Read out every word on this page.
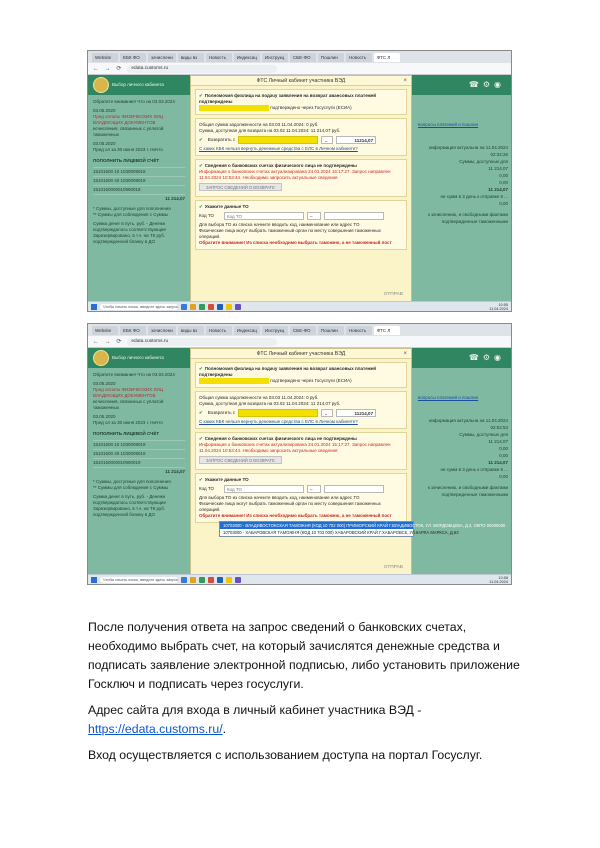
Website	ЕБК ФО	зачислени	виды вз	Новость	Индексац	Инструкц	СБЕ-ФО	Пошлин	Новость	ФТС Л
← → ⟳	edata.customs.ru
Выбор личного кабинета	☎⚙◉
Обратите внимание! Что на 03.03.2024
03.05.2020
Пред оплаты ФИЗИЧЕСКИХ ЛИЦ ВЛАДЕЮЩИХ ДОКУМЕНТОВ
исчисления, связанных с уплатой таможенных
03.05.2020
Пред ол за 30 июня 2023 г. Ничто
ПОПОЛНИТЬ ЛИЦЕВОЙ СЧЁТ
15101500 10 1030009019
15101500 40 1030009019
1510150000010990019
11 214,07
* Суммы, доступные для пополнения
** Суммы для соблюдения с Суммы
Сумма денег в путь. руб. - Денежн
подтверждалось соответствующие
Зарезервировано, в т.ч. на ТК руб.
подтвержденной бланку в ДО
вопросы платежей и пошлин
информация актуальна на 11.04.2024 02:32:26
Суммы, доступные для
11 214,07
0,00
0,00
11 214,07
не сумм в 3 день к отправке 6 ...
0,00
к зачислению, и свободными фактами
подтвержденные таможенными
ФТС Личный кабинет участника ВЭД	×
✔ Полномочия физлица на подачу заявления на возврат авансовых платежей подтверждены
подтверждено через Госуслуги (ЕСИА)
Общая сумма задолженности на 03.03 11.04.2024: 0 руб.
Сумма, доступная для возврата на 03.02 11.04.2024: 11 214,07 руб.
✔ Возвратить с	⌄	11214,07
С каких КБК нельзя вернуть денежные средства с ЕЛС в Личном кабинете?
✔ Сведения о банковских счетах физического лица не подтверждены
Информация о банковских счетах актуализирована 24.01.2024 15:17:27. Запрос направлен 11.04.2024 10:53:44. Необходимо запросить актуальные сведения
ЗАПРОС СВЕДЕНИЙ О ВОЗВРАТЕ
✔ Укажите данные ТО
Код ТО	Код ТО	–
Для выбора ТО из списка начните вводить код, наименование или адрес ТО
Физические лица могут выбрать таможенный орган по месту совершения таможенных операций.
Обратите внимание! Из списка необходимо выбрать таможню, а не таможенный пост
ОТПРАВ
Чтобы начать поиск, введите здесь запрос	10:55
11.04.2024
Website	ЕБК ФО	зачислени	виды вз	Новость	Индексац	Инструкц	СБЕ-ФО	Пошлин	Новость	ФТС Л
← → ⟳	edata.customs.ru
Выбор личного кабинета	☎⚙◉
Обратите внимание! Что на 03.03.2024
03.05.2020
Пред оплаты ФИЗИЧЕСКИХ ЛИЦ ВЛАДЕЮЩИХ ДОКУМЕНТОВ
исчисления, связанных с уплатой таможенных
03.05.2020
Пред ол за 30 июня 2023 г. Ничто
ПОПОЛНИТЬ ЛИЦЕВОЙ СЧЁТ
15101500 10 1030009019
15101500 40 1030009019
1510150000010990019
11 214,07
* Суммы, доступные для пополнения
** Суммы для соблюдения с Суммы
Сумма денег в путь. руб. - Денежн
подтверждалось соответствующие
Зарезервировано, в т.ч. на ТК руб.
подтвержденной бланку в ДО
вопросы платежей и пошлин
информация актуальна на 11.04.2024 02:52:53
Суммы, доступные для
11 214,07
0,00
0,00
11 214,07
не сумм в 3 день к отправке 6 ...
0,00
к зачислению, и свободными фактами
подтвержденные таможенными
ФТС Личный кабинет участника ВЭД	×
✔ Полномочия физлица на подачу заявления на возврат авансовых платежей подтверждены
подтверждено через Госуслуги (ЕСИА)
Общая сумма задолженности на 03.03 11.04.2024: 0 руб.
Сумма, доступная для возврата на 03.02 11.04.2024: 11 214,07 руб.
✔ Возвратить с	⌄	11214,07
С каких КБК нельзя вернуть денежные средства с ЕЛС в Личном кабинете?
✔ Сведения о банковских счетах физического лица не подтверждены
Информация о банковских счетах актуализирована 24.01.2024 15:17:27. Запрос направлен 11.04.2024 10:53:44. Необходимо запросить актуальные сведения
ЗАПРОС СВЕДЕНИЙ О ВОЗВРАТЕ
✔ Укажите данные ТО
Код ТО	Код ТО	–
Для выбора ТО из списка начните вводить код, наименование или адрес ТО
Физические лица могут выбрать таможенный орган по месту совершения таможенных операций.
Обратите внимание! Из списка необходимо выбрать таможню, а не таможенный пост
ОТПРАВ
10702000 - ВЛАДИВОСТОКСКАЯ ТАМОЖНЯ (КОД 10 702 000) ПРИМОРСКИЙ КРАЙ Г.ВЛАДИВОСТОК, УЛ. МОРДОВЦЕВА, Д.3, ОКПО 00000000
10703000 - ХАБАРОВСКАЯ ТАМОЖНЯ (КОД 10 703 000) ХАБАРОВСКИЙ КРАЙ Г.ХАБАРОВСК, УЛ.КАРЛА МАРКСА, Д.63
Чтобы начать поиск, введите здесь запрос	10:58
11.04.2024

После получения ответа на запрос сведений о банковских счетах, необходимо выбрать счет, на который зачислятся денежные средства и подписать заявление электронной подписью, либо установить приложение Госключ и подписать через госуслуги.

Адрес сайта для входа в личный кабинет участника ВЭД - https://edata.customs.ru/.

Вход осуществляется с использованием доступа на портал Госуслуг.
